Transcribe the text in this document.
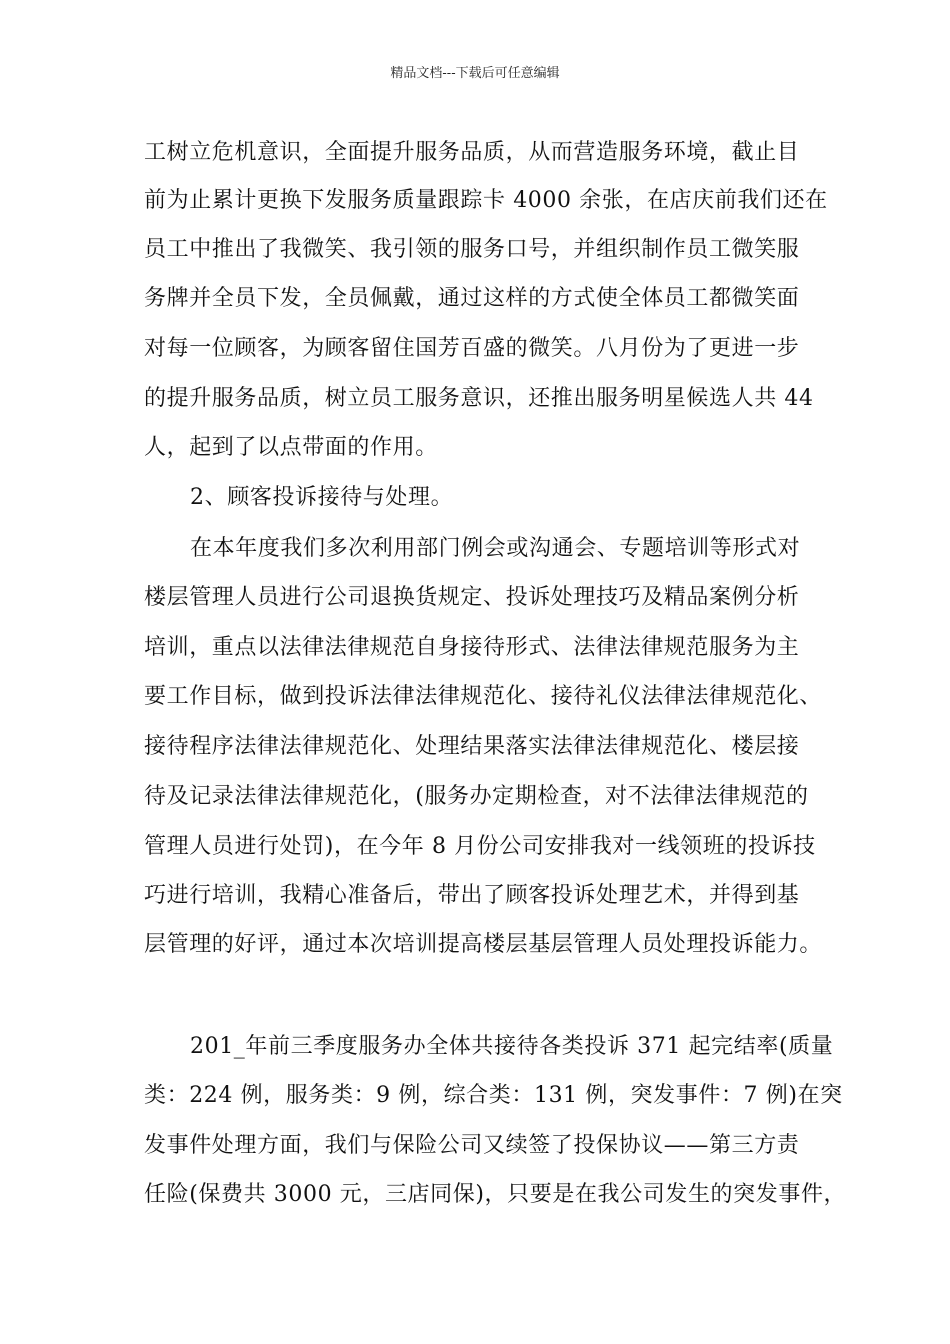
精品文档---下载后可任意编辑
工树立危机意识，全面提升服务品质，从而营造服务环境，截止目
前为止累计更换下发服务质量跟踪卡 4000 余张，在店庆前我们还在
员工中推出了我微笑、我引领的服务口号，并组织制作员工微笑服
务牌并全员下发，全员佩戴，通过这样的方式使全体员工都微笑面
对每一位顾客，为顾客留住国芳百盛的微笑。八月份为了更进一步
的提升服务品质，树立员工服务意识，还推出服务明星候选人共 44
人，起到了以点带面的作用。
2、顾客投诉接待与处理。
在本年度我们多次利用部门例会或沟通会、专题培训等形式对
楼层管理人员进行公司退换货规定、投诉处理技巧及精品案例分析
培训，重点以法律法律规范自身接待形式、法律法律规范服务为主
要工作目标，做到投诉法律法律规范化、接待礼仪法律法律规范化、
接待程序法律法律规范化、处理结果落实法律法律规范化、楼层接
待及记录法律法律规范化，(服务办定期检查，对不法律法律规范的
管理人员进行处罚)，在今年 8 月份公司安排我对一线领班的投诉技
巧进行培训，我精心准备后，带出了顾客投诉处理艺术，并得到基
层管理的好评，通过本次培训提高楼层基层管理人员处理投诉能力。
201_年前三季度服务办全体共接待各类投诉 371 起完结率(质量
类：224 例，服务类：9 例，综合类：131 例，突发事件：7 例)在突
发事件处理方面，我们与保险公司又续签了投保协议——第三方责
任险(保费共 3000 元，三店同保)，只要是在我公司发生的突发事件，
